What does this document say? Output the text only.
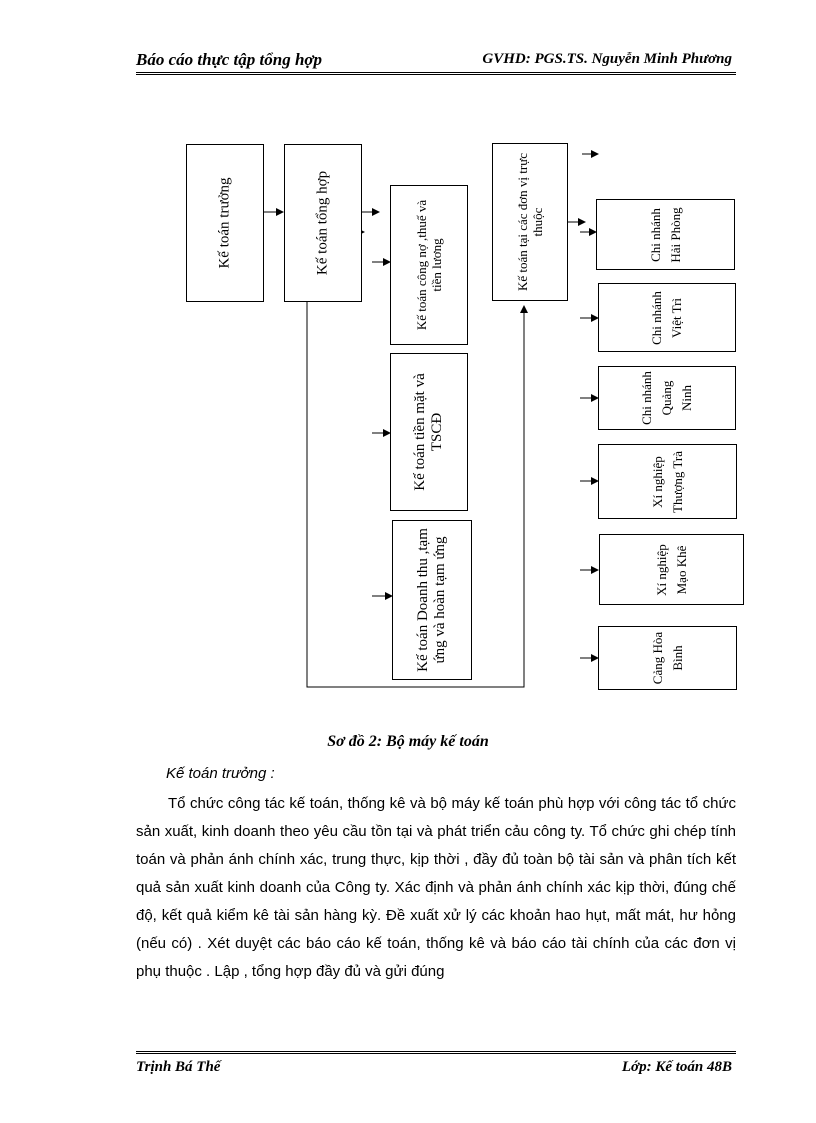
Báo cáo thực tập tổng hợp	GVHD: PGS.TS. Nguyễn Minh Phương
Kế toán trưởng	Kế toán tổng hợp	Kế toán công nợ ,thuế và tiền lương
Kế toán tiền mặt và TSCĐ
Kế toán Doanh thu ,tạm ứng và hoàn tạm ứng
Kế toán tại các đơn vị trực thuộc	Chi nhánh Hải Phòng
Chi nhánh Việt Trì
Chi nhánh Quảng Ninh
Xí nghiệp Thượng Trà
Xí nghiệp Mạo Khê
Cảng Hòa Bình
Sơ đồ 2: Bộ máy kế toán
Kế toán trưởng :
Tổ chức công tác kế toán, thống kê và bộ máy kế toán phù hợp với công tác tổ chức sản xuất, kinh doanh theo yêu cầu tồn tại và phát triển cảu công ty. Tổ chức ghi chép tính toán và phản ánh chính xác, trung thực, kịp thời , đầy đủ toàn bộ tài sản và phân tích kết quả sản xuất kinh doanh của Công ty. Xác định và phản ánh chính xác kịp thời, đúng chế độ, kết quả kiểm kê tài sản hàng kỳ. Đề xuất xử lý các khoản hao hụt, mất mát, hư hỏng (nếu có) . Xét duyệt các báo cáo kế toán, thống kê và báo cáo tài chính của các đơn vị phụ thuộc . Lập , tổng hợp đầy đủ và gửi đúng
Trịnh Bá Thế	Lớp: Kế toán 48B
